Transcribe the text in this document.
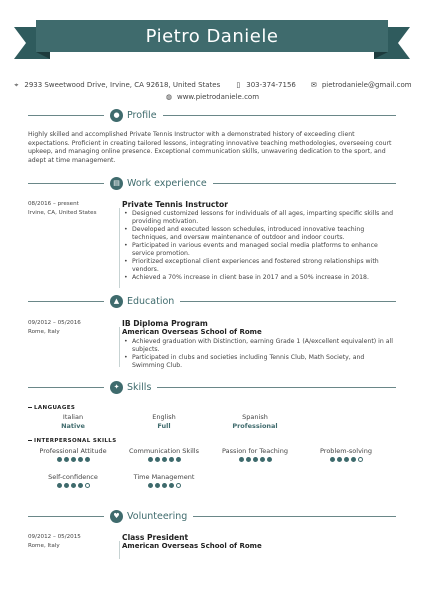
Pietro Daniele
⌖ 2933 Sweetwood Drive, Irvine, CA 92618, United States ▯ 303-374-7156 ✉ pietrodaniele@gmail.com
◍ www.pietrodaniele.com
● Profile

Highly skilled and accomplished Private Tennis Instructor with a demonstrated history of exceeding client expectations. Proficient in creating tailored lessons, integrating innovative teaching methodologies, overseeing court upkeep, and managing online presence. Exceptional communication skills, unwavering dedication to the sport, and adept at time management.

▤ Work experience
08/2016 – present
Irvine, CA, United States
Private Tennis Instructor
• Designed customized lessons for individuals of all ages, imparting specific skills and providing motivation.
• Developed and executed lesson schedules, introduced innovative teaching techniques, and oversaw maintenance of outdoor and indoor courts.
• Participated in various events and managed social media platforms to enhance service promotion.
• Prioritized exceptional client experiences and fostered strong relationships with vendors.
• Achieved a 70% increase in client base in 2017 and a 50% increase in 2018.
▲ Education
09/2012 – 05/2016
Rome, Italy
IB Diploma Program
American Overseas School of Rome
• Achieved graduation with Distinction, earning Grade 1 (A/excellent equivalent) in all subjects.
• Participated in clubs and societies including Tennis Club, Math Society, and Swimming Club.
✦ Skills
LANGUAGES
Italian
Native
English
Full
Spanish
Professional
INTERPERSONAL SKILLS
Professional Attitude	Communication Skills	Passion for Teaching	Problem-solving
Self-confidence	Time Management
♥ Volunteering
09/2012 – 05/2015
Rome, Italy
Class President
American Overseas School of Rome
